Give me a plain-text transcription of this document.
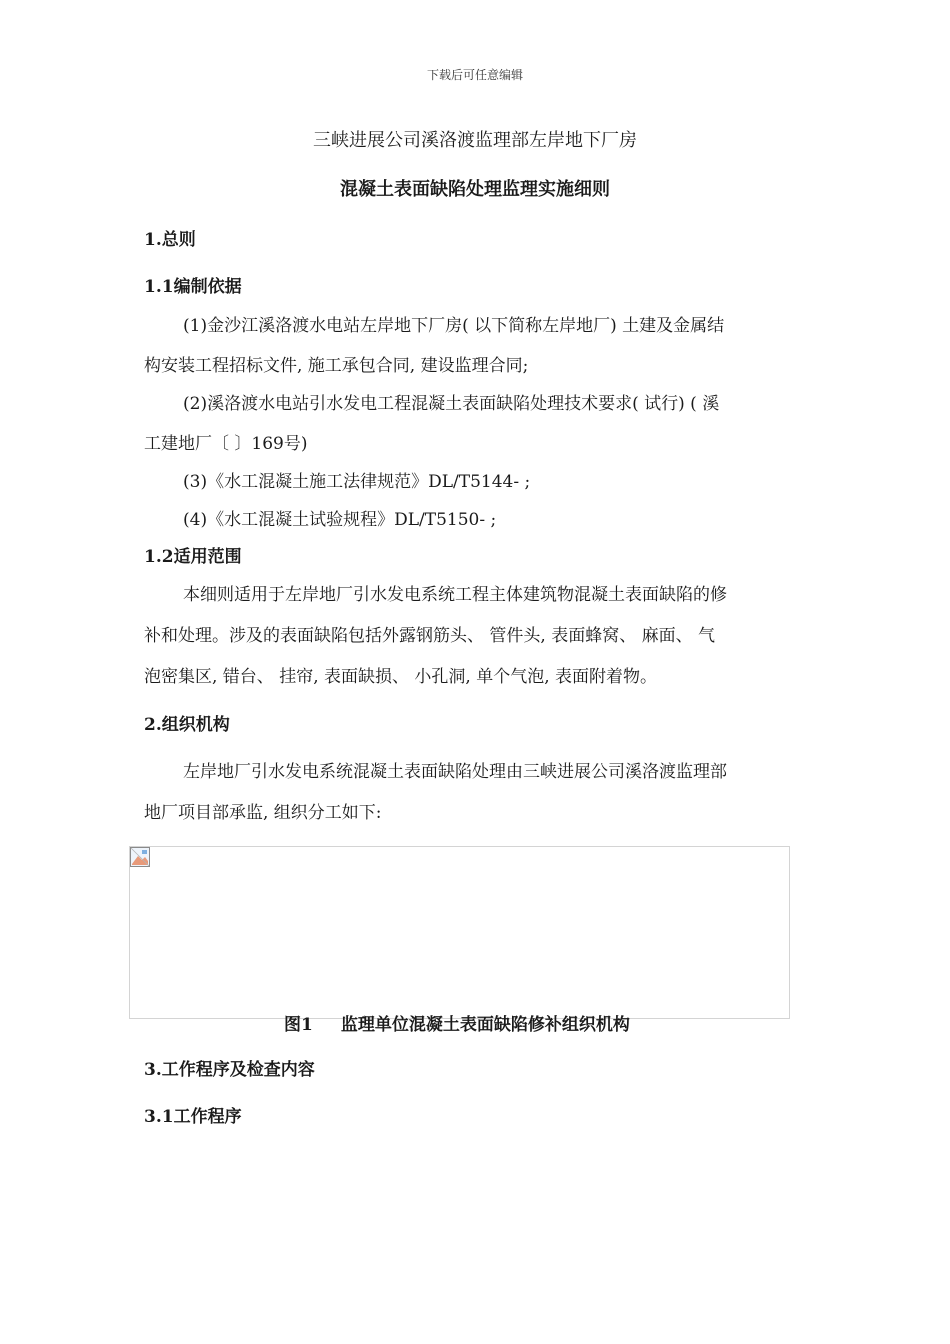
下载后可任意编辑
三峡进展公司溪洛渡监理部左岸地下厂房
混凝土表面缺陷处理监理实施细则
1.总则
1.1编制依据
(1)金沙江溪洛渡水电站左岸地下厂房( 以下简称左岸地厂) 土建及金属结
构安装工程招标文件, 施工承包合同, 建设监理合同;
(2)溪洛渡水电站引水发电工程混凝土表面缺陷处理技术要求( 试行) ( 溪
工建地厂〔 〕169号)
(3)《水工混凝土施工法律规范》DL/T5144- ;
(4)《水工混凝土试验规程》DL/T5150- ;
1.2适用范围
本细则适用于左岸地厂引水发电系统工程主体建筑物混凝土表面缺陷的修
补和处理。涉及的表面缺陷包括外露钢筋头、 管件头, 表面蜂窝、 麻面、 气
泡密集区, 错台、 挂帘, 表面缺损、 小孔洞, 单个气泡, 表面附着物。
2.组织机构
左岸地厂引水发电系统混凝土表面缺陷处理由三峡进展公司溪洛渡监理部
地厂项目部承监, 组织分工如下:
图1 监理单位混凝土表面缺陷修补组织机构
3.工作程序及检查内容
3.1工作程序
